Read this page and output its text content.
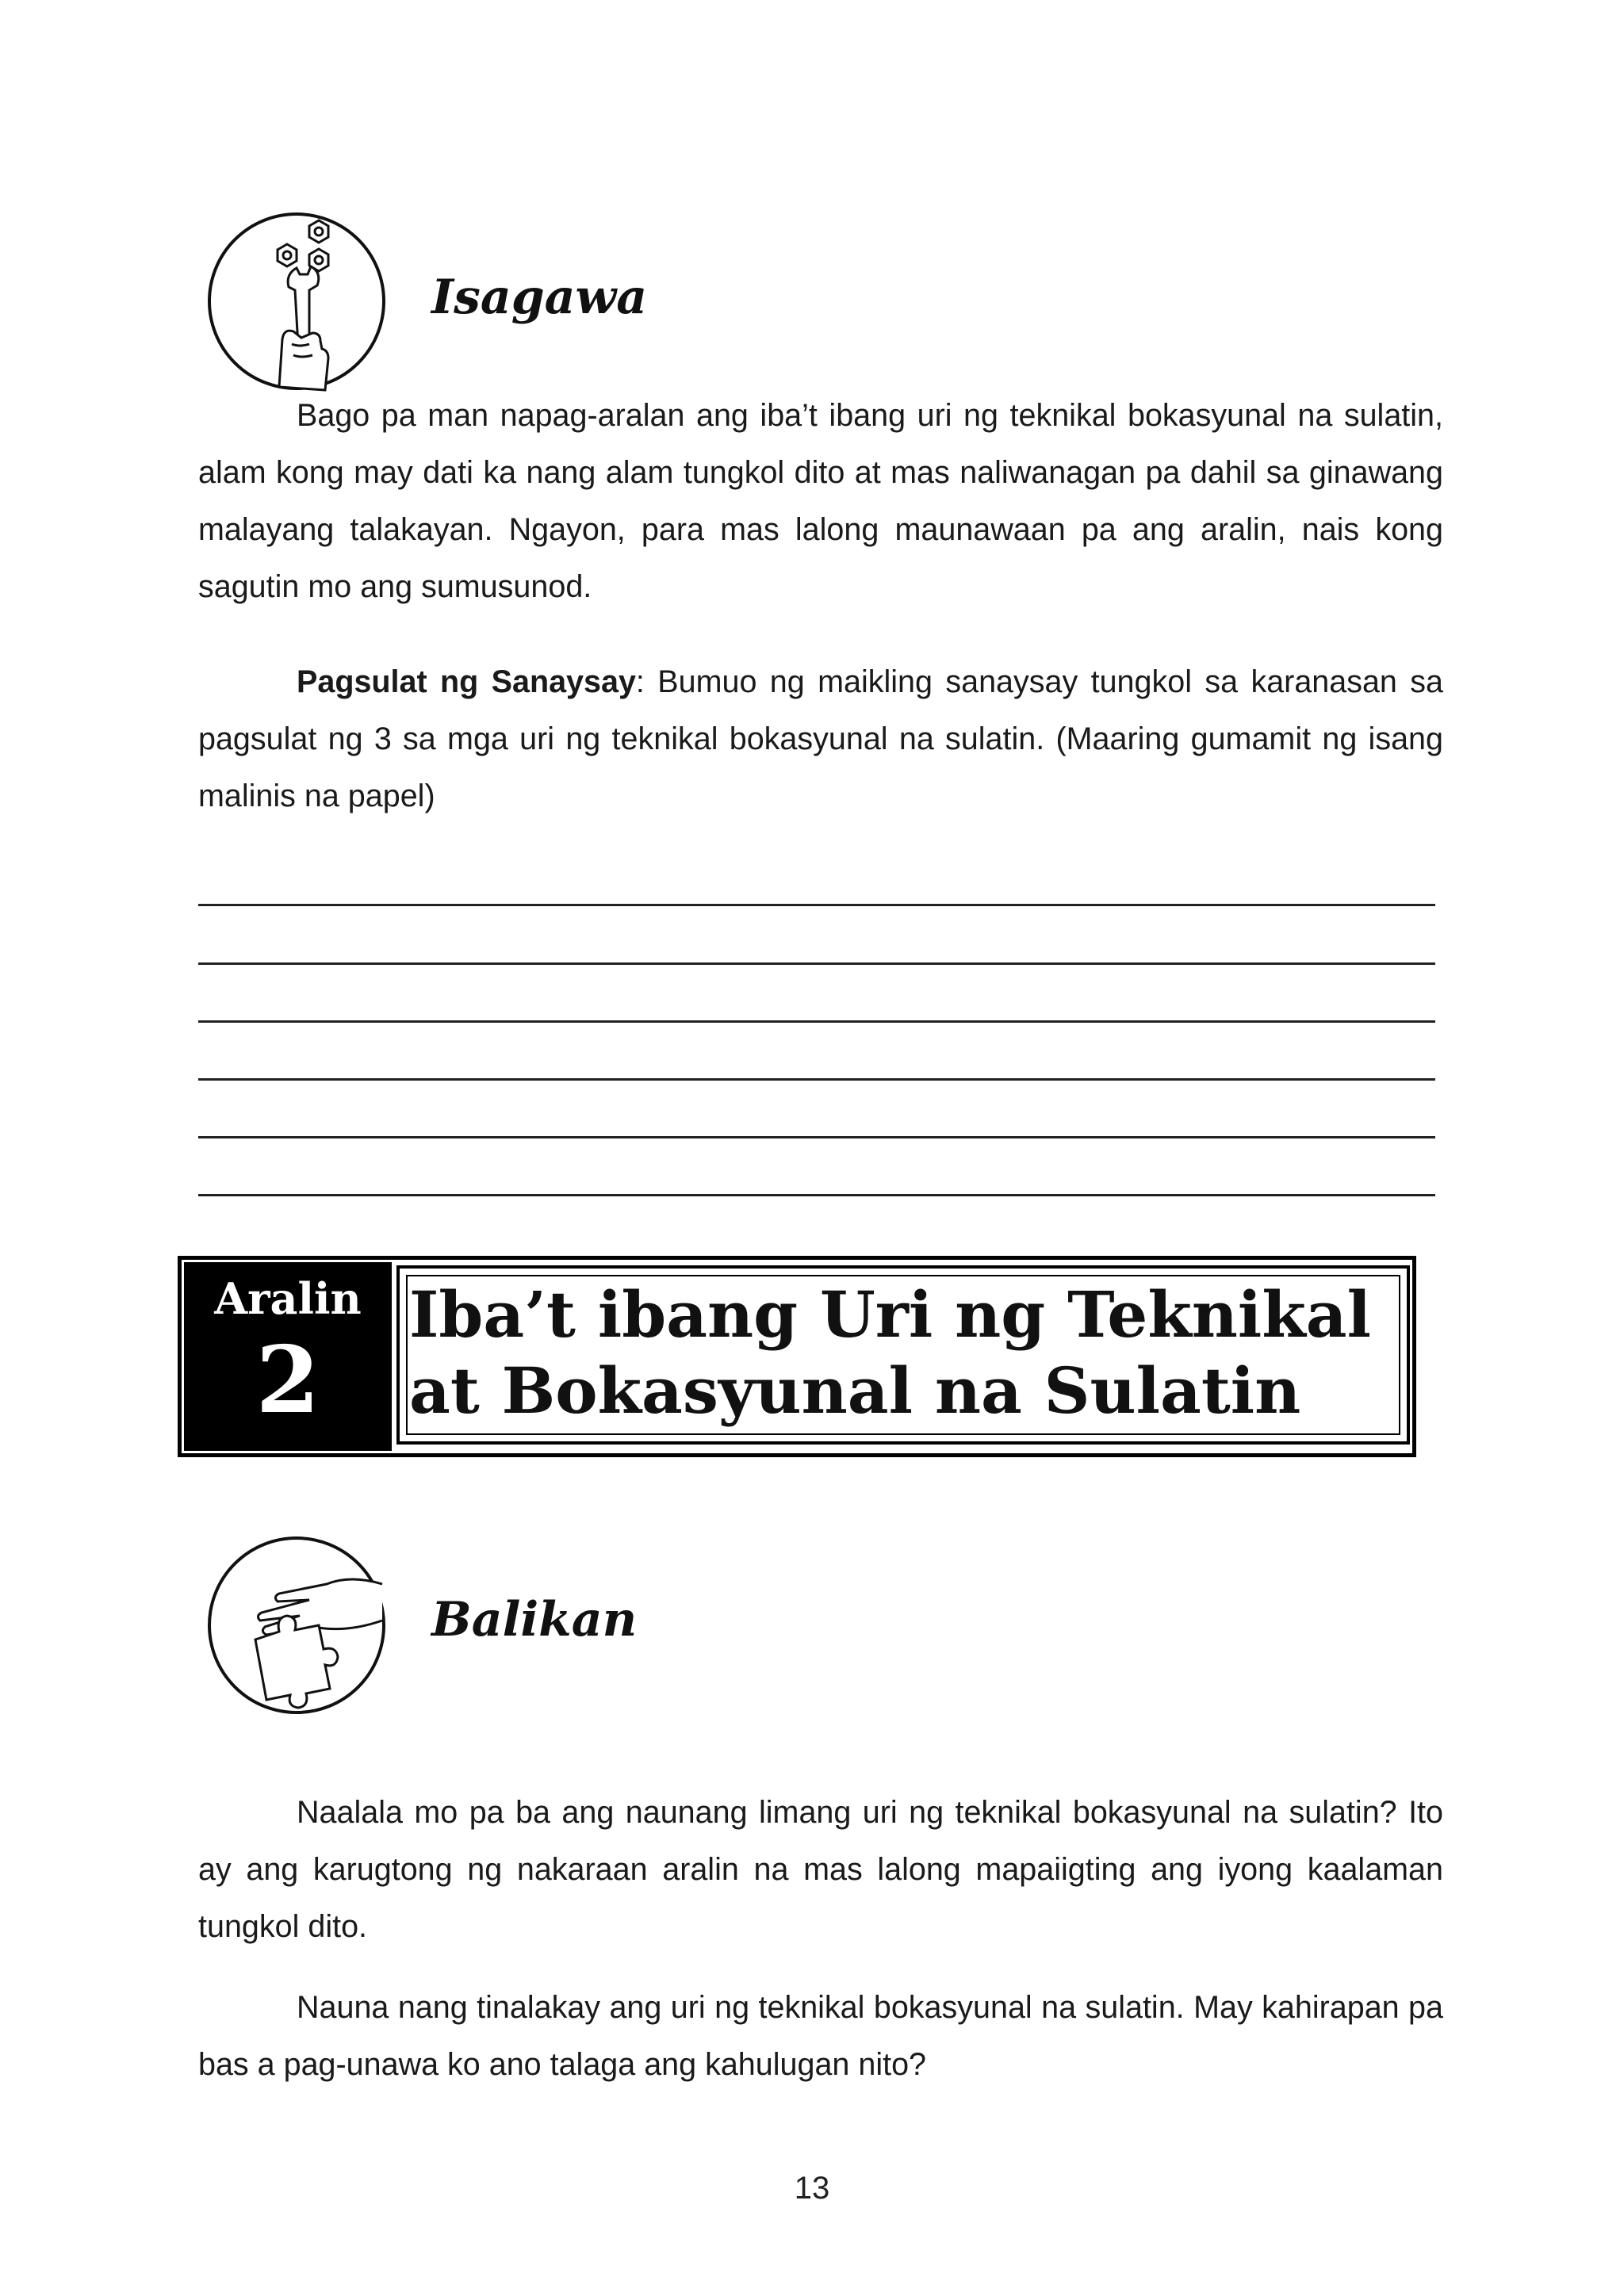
Isagawa

Bago pa man napag-aralan ang iba’t ibang uri ng teknikal bokasyunal na sulatin, alam kong may dati ka nang alam tungkol dito at mas naliwanagan pa dahil sa ginawang malayang talakayan. Ngayon, para mas lalong maunawaan pa ang aralin, nais kong sagutin mo ang sumusunod.

Pagsulat ng Sanaysay: Bumuo ng maikling sanaysay tungkol sa karanasan sa pagsulat ng 3 sa mga uri ng teknikal bokasyunal na sulatin. (Maaring gumamit ng isang malinis na papel)

Aralin
2
Iba’t ibang Uri ng Teknikal
at Bokasyunal na Sulatin
Balikan

Naalala mo pa ba ang naunang limang uri ng teknikal bokasyunal na sulatin? Ito ay ang karugtong ng nakaraan aralin na mas lalong mapaiigting ang iyong kaalaman tungkol dito.

Nauna nang tinalakay ang uri ng teknikal bokasyunal na sulatin. May kahirapan pa bas a pag-unawa ko ano talaga ang kahulugan nito?

13
